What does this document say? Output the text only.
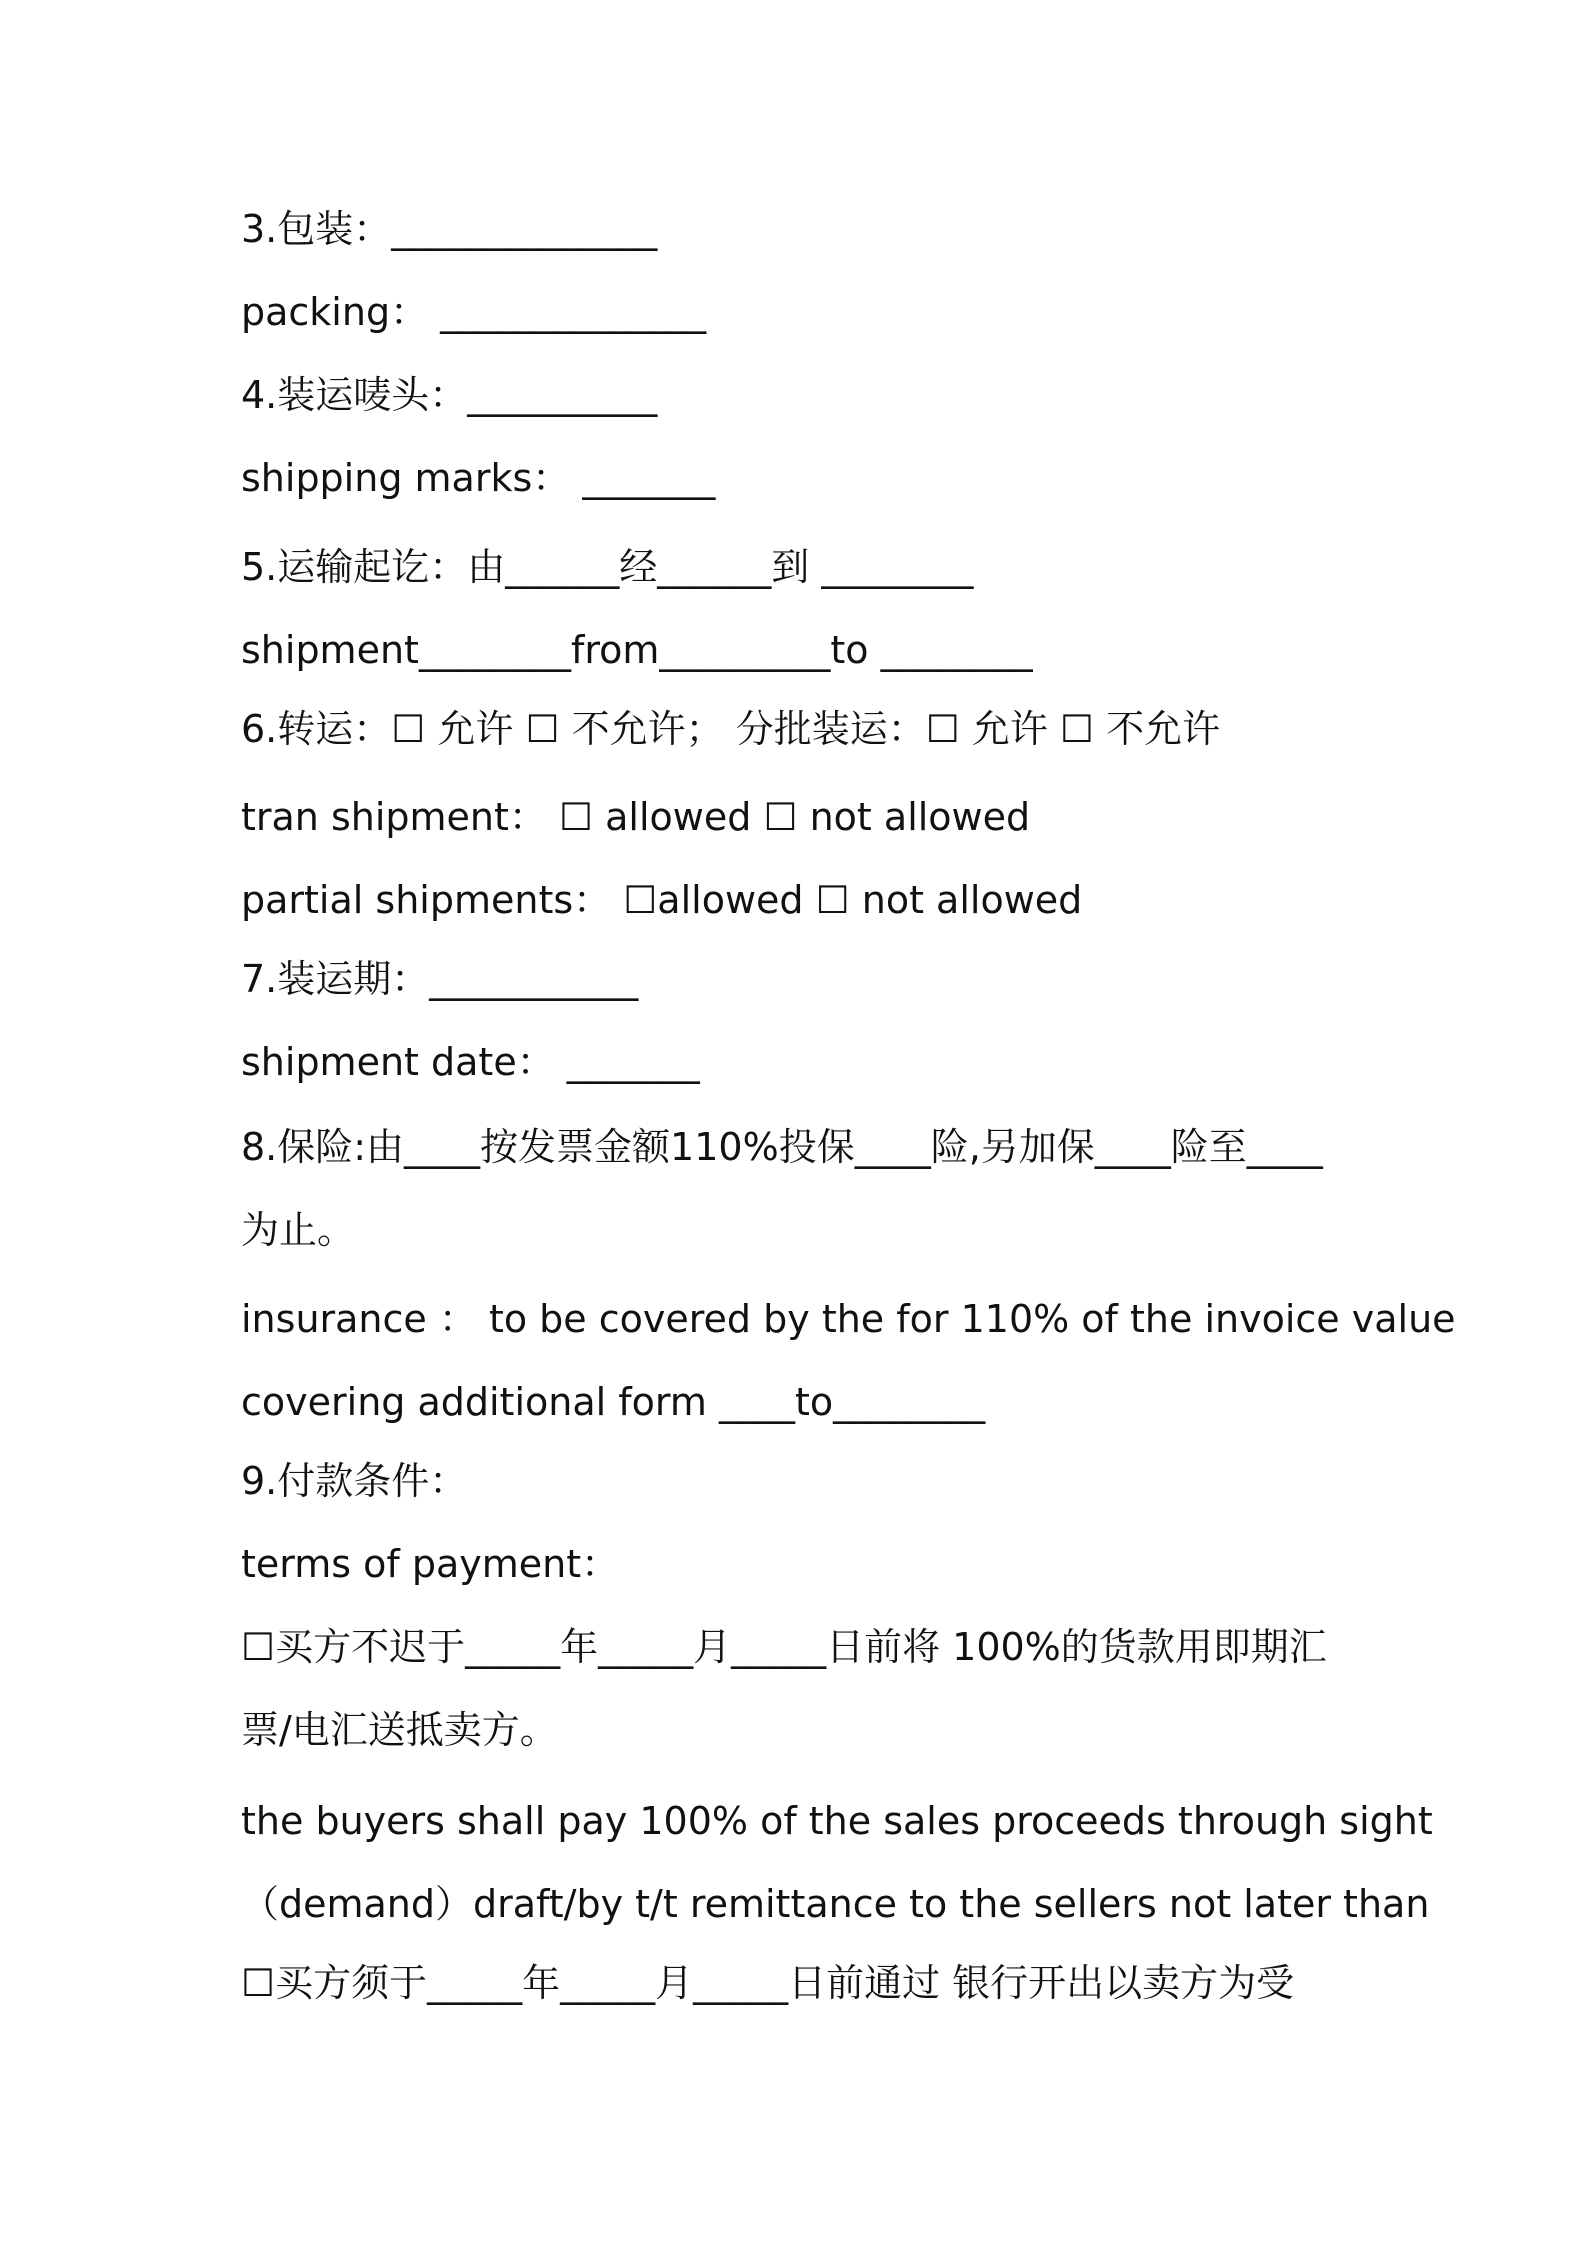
3.包装：______________

packing： ______________

4.装运唛头：__________

shipping marks： _______

5.运输起讫：由______经______到 ________

shipment________from_________to ________

6.转运：☐ 允许 ☐ 不允许； 分批装运：☐ 允许 ☐ 不允许

tran shipment： ☐ allowed ☐ not allowed

partial shipments： ☐allowed ☐ not allowed

7.装运期：___________

shipment date： _______

8.保险:由____按发票金额110%投保____险,另加保____险至____

为止。

insurance ： to be covered by the for 110% of the invoice value

covering additional form ____to________

9.付款条件：

terms of payment：

☐买方不迟于_____年_____月_____日前将 100%的货款用即期汇

票/电汇送抵卖方。

the buyers shall pay 100% of the sales proceeds through sight

（demand）draft/by t/t remittance to the sellers not later than

☐买方须于_____年_____月_____日前通过 银行开出以卖方为受
